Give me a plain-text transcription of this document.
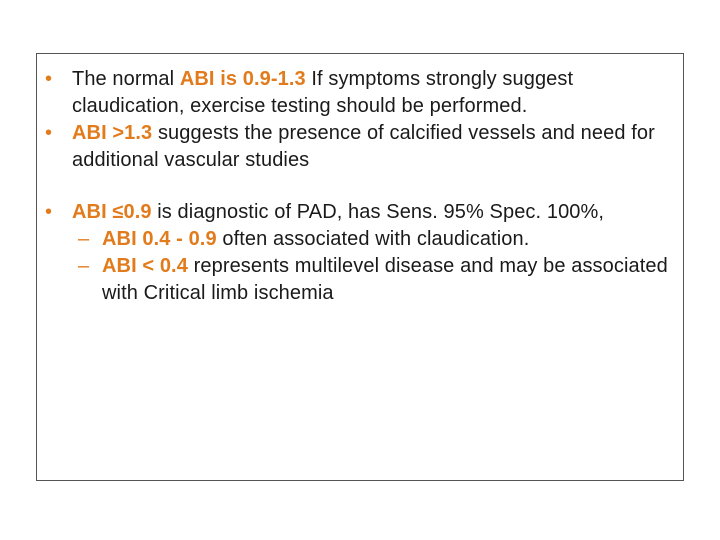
• The normal ABI is 0.9-1.3 If symptoms strongly suggest claudication, exercise testing should be performed.
• ABI >1.3 suggests the presence of calcified vessels and need for additional vascular studies
• ABI ≤0.9 is diagnostic of PAD, has Sens. 95% Spec. 100%,
– ABI 0.4 - 0.9 often associated with claudication.
– ABI < 0.4 represents multilevel disease and may be associated with Critical limb ischemia
